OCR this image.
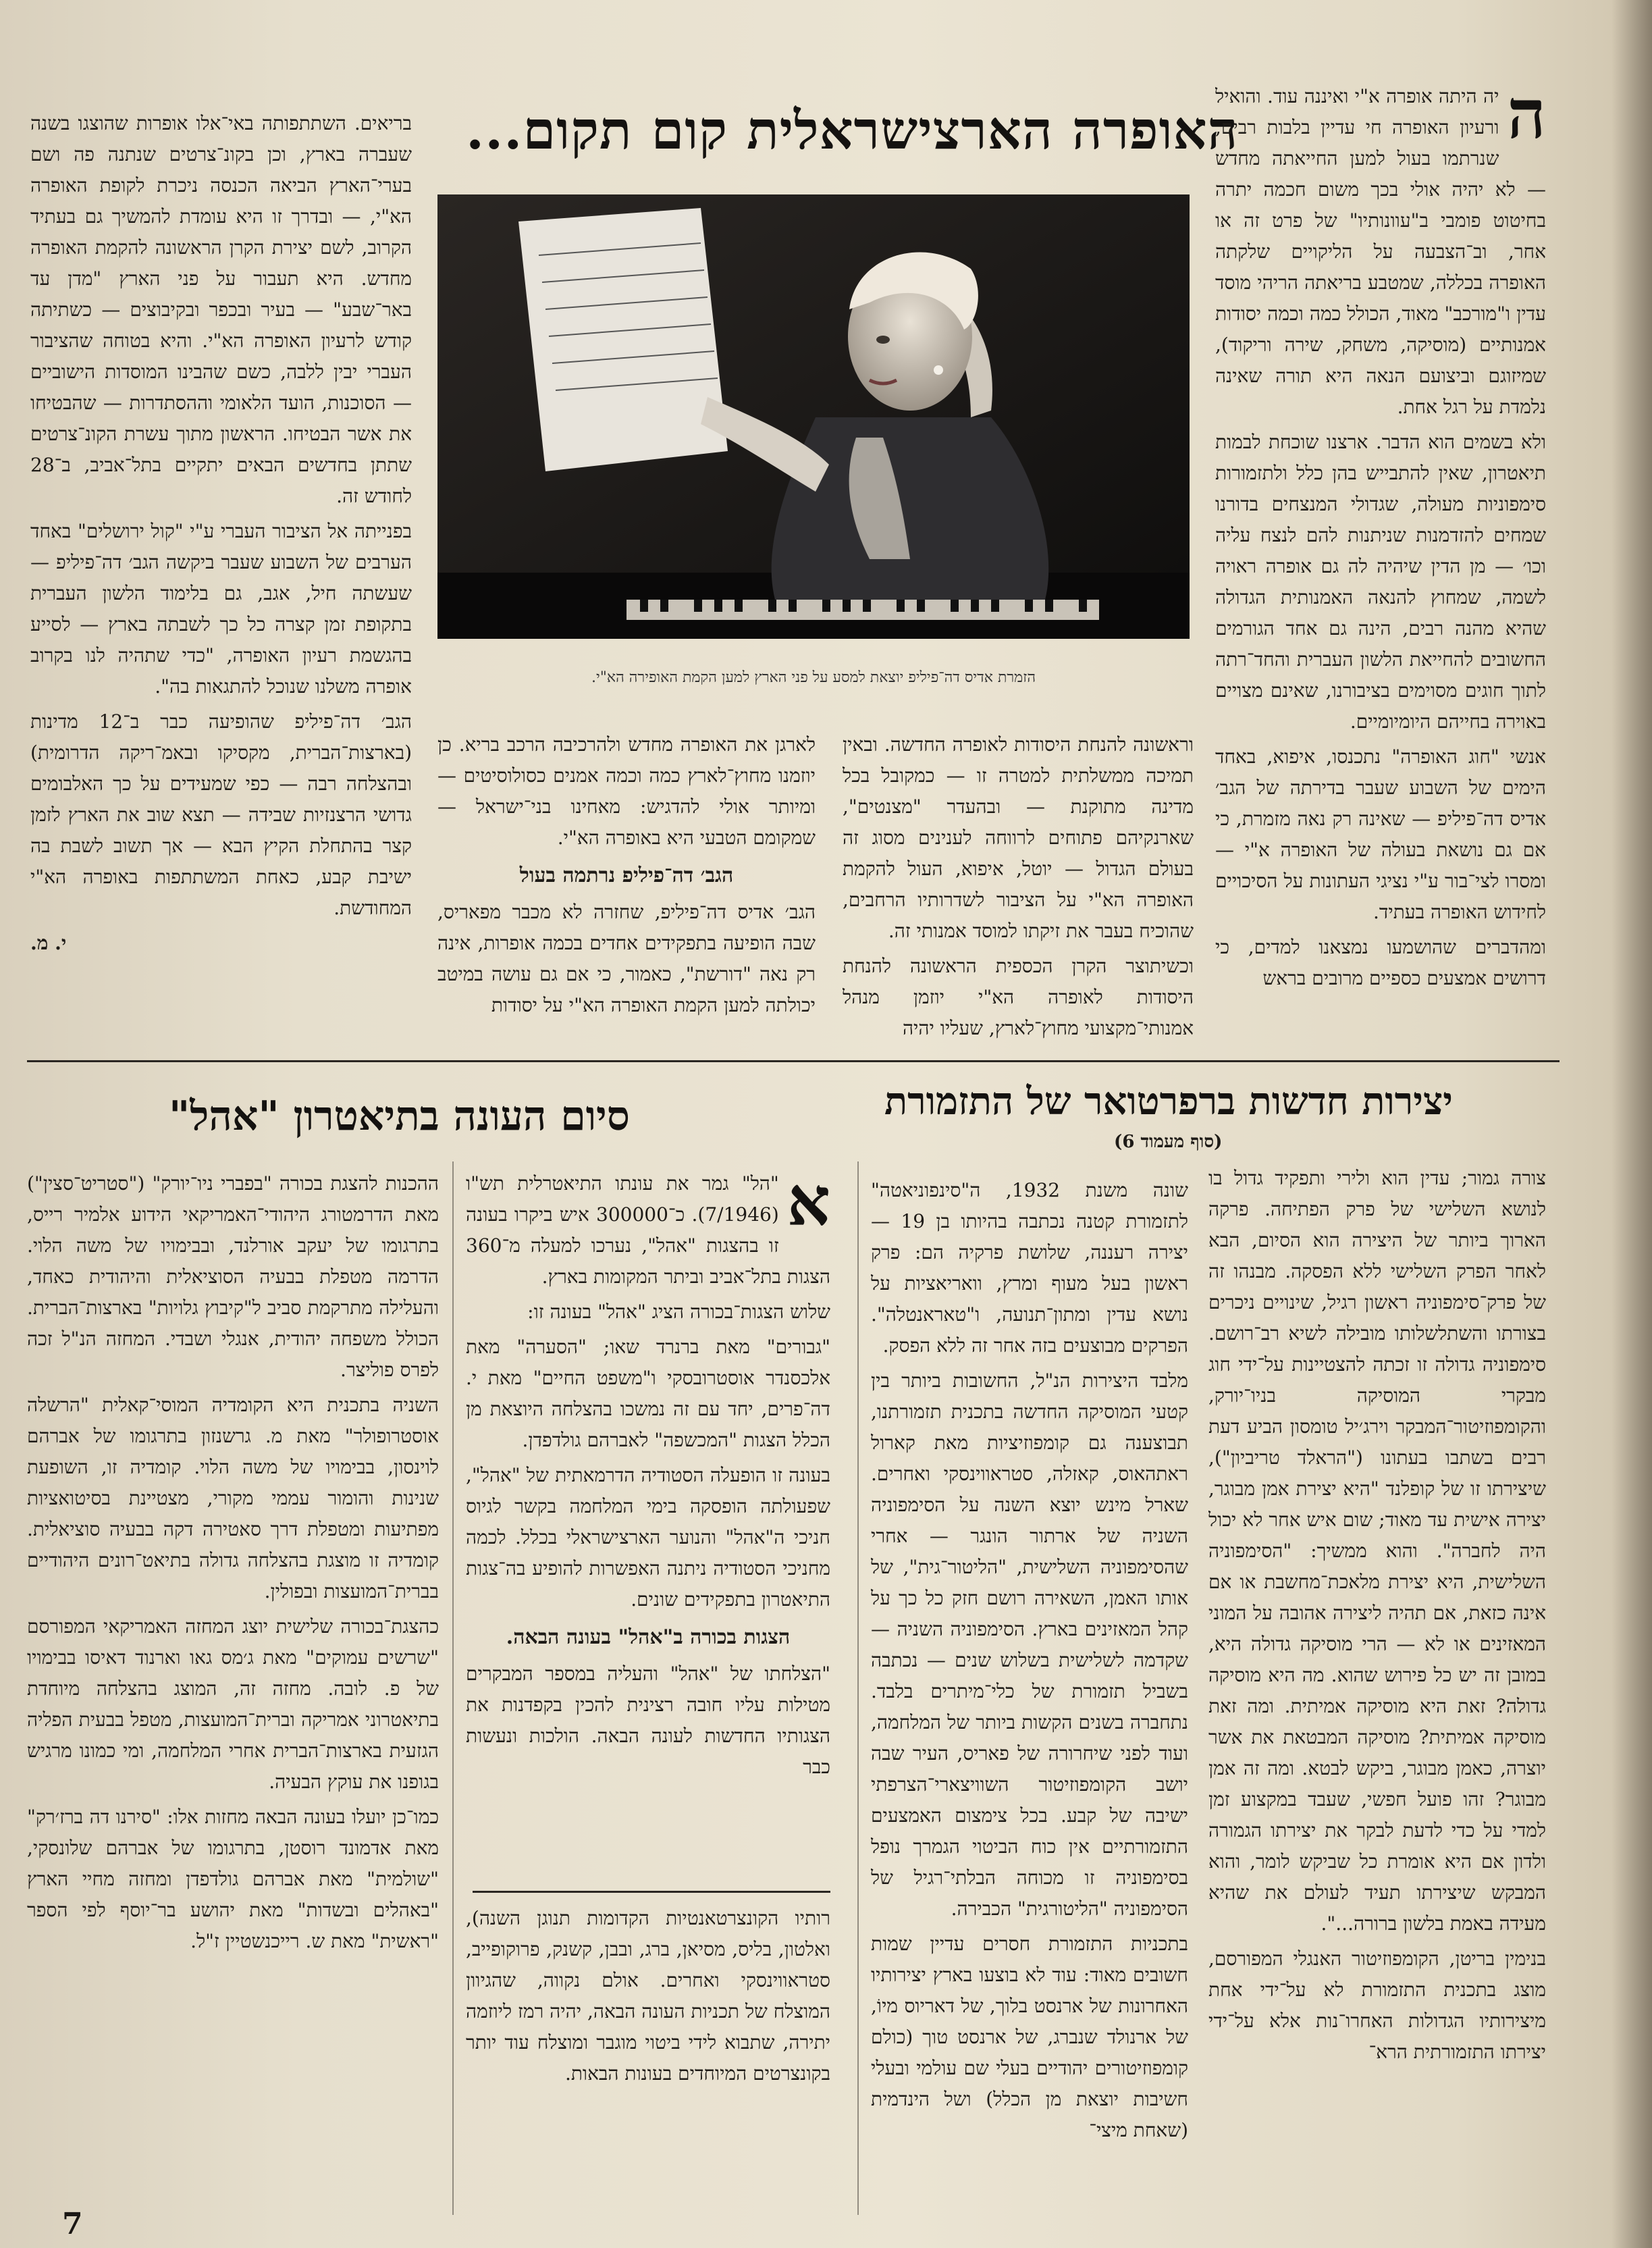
האופרה הארצישראלית קום תקום...	ה

יה היתה אופרה א"י ואיננה עוד. והואיל ורעיון האופרה חי עדיין בלבות רבים, שנרתמו בעול למען החייאתה מחדש — לא יהיה אולי בכך משום חכמה יתרה בחיטוט פומבי ב"עוונותיו" של פרט זה או אחר, וב־הצבעה על הליקויים שלקתה האופרה בכללה, שמטבע בריאתה הריהי מוסד עדין ו"מורכב" מאוד, הכולל כמה וכמה יסודות אמנותיים (מוסיקה, משחק, שירה וריקוד), שמיזוגם וביצועם הנאה היא תורה שאינה נלמדת על רגל אחת.

ולא בשמים הוא הדבר. ארצנו שוכחת לבמות תיאטרון, שאין להתבייש בהן כלל ולתזמורות סימפוניות מעולה, שגדולי המנצחים בדורנו שמחים להזדמנות שניתנות להם לנצח עליה וכו׳ — מן הדין שיהיה לה גם אופרה ראויה לשמה, שמחוץ להנאה האמנותית הגדולה שהיא מהנה רבים, הינה גם אחד הגורמים החשובים להחייאת הלשון העברית והחד־רתה לתוך חוגים מסוימים בציבורנו, שאינם מצויים באוירה בחייהם היומיומיים.

אנשי "חוג האופרה" נתכנסו, איפוא, באחד הימים של השבוע שעבר בדירתה של הגב׳ אדיס דה־פיליפ — שאינה רק נאה מזמרת, כי אם גם נושאת בעולה של האופרה א"י — ומסרו לצי־בור ע"י נציגי העתונות על הסיכויים לחידוש האופרה בעתיד.

ומהדברים שהושמעו נמצאנו למדים, כי דרושים אמצעים כספיים מרובים בראש

הזמרת אדיס דה־פיליפ יוצאת למסע על פני הארץ למען הקמת האופירה הא"י.

וראשונה להנחת היסודות לאופרה החדשה. ובאין תמיכה ממשלתית למטרה זו — כמקובל בכל מדינה מתוקנת — ובהעדר "מצנטים", שארנקיהם פתוחים לרווחה לענינים מסוג זה בעולם הגדול — יוטל, איפוא, העול להקמת האופרה הא"י על הציבור לשדרותיו הרחבים, שהוכיח בעבר את זיקתו למוסד אמנותי זה.

וכשיתוצר הקרן הכספית הראשונה להנחת היסודות לאופרה הא"י יוזמן מנהל אמנותי־מקצועי מחוץ־לארץ, שעליו יהיה

לארגן את האופרה מחדש ולהרכיבה הרכב בריא. כן יוזמנו מחוץ־לארץ כמה וכמה אמנים כסולוסיטים — ומיותר אולי להדגיש: מאחינו בני־ישראל — שמקומם הטבעי היא באופרה הא"י.

הגב׳ דה־פיליפ נרתמה בעול

הגב׳ אדיס דה־פיליפ, שחזרה לא מכבר מפאריס, שבה הופיעה בתפקידים אחדים בכמה אופרות, אינה רק נאה "דורשת", כאמור, כי אם גם עושה במיטב יכולתה למען הקמת האופרה הא"י על יסודות

בריאים. השתתפותה באי־אלו אופרות שהוצגו בשנה שעברה בארץ, וכן בקונ־צרטים שנתנה פה ושם בערי־הארץ הביאה הכנסה ניכרת לקופת האופרה הא"י, — ובדרך זו היא עומדת להמשיך גם בעתיד הקרוב, לשם יצירת הקרן הראשונה להקמת האופרה מחדש. היא תעבור על פני הארץ "מדן עד באר־שבע" — בעיר ובכפר ובקיבוצים — כשתיתה קודש לרעיון האופרה הא"י. והיא בטוחה שהציבור העברי יבין ללבה, כשם שהבינו המוסדות הישוביים — הסוכנות, הועד הלאומי וההסתדרות — שהבטיחו את אשר הבטיחו. הראשון מתוך עשרת הקונ־צרטים שתתן בחדשים הבאים יתקיים בתל־אביב, ב־28 לחודש זה.

בפנייתה אל הציבור העברי ע"י "קול ירושלים" באחד הערבים של השבוע שעבר ביקשה הגב׳ דה־פיליפ — שעשתה חיל, אגב, גם בלימוד הלשון העברית בתקופת זמן קצרה כל כך לשבתה בארץ — לסייע בהגשמת רעיון האופרה, "כדי שתהיה לנו בקרוב אופרה משלנו שנוכל להתגאות בה".

הגב׳ דה־פיליפ שהופיעה כבר ב־12 מדינות (בארצות־הברית, מקסיקו ובאמ־ריקה הדרומית) ובהצלחה רבה — כפי שמעידים על כך האלבומים גדושי הרצנזיות שבידה — תצא שוב את הארץ לזמן קצר בהתחלת הקיץ הבא — אך תשוב לשבת בה ישיבת קבע, כאחת המשתתפות באופרה הא"י המחודשת.

י. מ.
יצירות חדשות ברפרטואר של התזמורת
(סוף מעמוד 6)
סיום העונה בתיאטרון "אהל"

צורה גמור; עדין הוא ולירי ותפקיד גדול בו לנושא השלישי של פרק הפתיחה. פרקה הארוך ביותר של היצירה הוא הסיום, הבא לאחר הפרק השלישי ללא הפסקה. מבנהו זה של פרק־סימפוניה ראשון רגיל, שינויים ניכרים בצורתו והשתלשלותו מובילה לשיא רב־רושם. סימפוניה גדולה זו זכתה להצטיינות על־ידי חוג מבקרי המוסיקה בניו־יורק, והקומפוזיטור־המבקר וירג׳יל טומסון הביע דעת רבים בשתבו בעתונו ("הראלד טריביון"), שיצירתו זו של קופלנד "היא יצירת אמן מבוגר, יצירה אישית עד מאוד; שום איש אחר לא יכול היה לחברה". והוא ממשיך: "הסימפוניה השלישית, היא יצירת מלאכת־מחשבת או אם אינה כזאת, אם תהיה ליצירה אהובה על המוני המאזינים או לא — הרי מוסיקה גדולה היא, במובן זה יש כל פירוש שהוא. מה היא מוסיקה גדולה? זאת היא מוסיקה אמיתית. ומה זאת מוסיקה אמיתית? מוסיקה המבטאת את אשר יוצרה, כאמן מבוגר, ביקש לבטא. ומה זה אמן מבוגר? זהו פועל חפשי, שעבד במקצוע זמן למדי על כדי לדעת לבקר את יצירתו הגמורה ולדון אם היא אומרת כל שביקש לומר, והוא המבקש שיצירתו תעיד לעולם את שהיא מעידה באמת בלשון ברורה...".

בנימין בריטן, הקומפוזיטור האנגלי המפורסם, מוצג בתכנית התזמורת לא על־ידי אחת מיצירותיו הגדולות האחרו־נות אלא על־ידי יצירתו התזמורתית הרא־

שונה משנת 1932, ה"סינפוניאטה" לתזמורת קטנה נכתבה בהיותו בן 19 — יצירה רעננה, שלושת פרקיה הם: פרק ראשון בעל מעוף ומרץ, וואריאציות על נושא עדין ומתון־תנועה, ו"טאראנטלה". הפרקים מבוצעים בזה אחר זה ללא הפסק.

מלבד היצירות הנ"ל, החשובות ביותר בין קטעי המוסיקה החדשה בתכנית תזמורתנו, תבוצענה גם קומפוזיציות מאת קארול ראתהאוס, קאזלה, סטראווינסקי ואחרים. שארל מינש יוצא השנה על הסימפוניה השניה של ארתור הונגר — אחרי שהסימפוניה השלישית, "הליטור־גית", של אותו האמן, השאירה רושם חזק כל כך על קהל המאזינים בארץ. הסימפוניה השניה — שקדמה לשלישית בשלוש שנים — נכתבה בשביל תזמורת של כלי־מיתרים בלבד. נתחברה בשנים הקשות ביותר של המלחמה, ועוד לפני שיחרורה של פאריס, העיר שבה יושב הקומפוזיטור השוויצארי־הצרפתי ישיבה של קבע. בכל צימצום האמצעים התזמורתיים אין כוח הביטוי הגמרך נופל בסימפוניה זו מכוחה הבלתי־רגיל של הסימפוניה "הליטורגית" הכבירה.

בתכניות התזמורת חסרים עדיין שמות חשובים מאוד: עוד לא בוצעו בארץ יצירותיו האחרונות של ארנסט בלוך, של דאריוס מיוֹ, של ארנולד שנברג, של ארנסט טוך (כולם קומפוזיטורים יהודיים בעלי שם עולמי ובעלי חשיבות יוצאת מן הכלל) ושל הינדמית (שאחת מיצי־

א

"הל" גמר את עונתו התיאטרלית תש"ו (7/1946). כ־300000 איש ביקרו בעונה זו בהצגות "אהל", נערכו למעלה מ־360 הצגות בתל־אביב וביתר המקומות בארץ.

שלוש הצגות־בכורה הציג "אהל" בעונה זו:

"גבורים" מאת ברנרד שאו; "הסערה" מאת אלכסנדר אוסטרובסקי ו"משפט החיים" מאת י. דה־פרים, יחד עם זה נמשכו בהצלחה היוצאת מן הכלל הצגות "המכשפה" לאברהם גולדפדן.

בעונה זו הופעלה הסטודיה הדרמאתית של "אהל", שפעולתה הופסקה בימי המלחמה בקשר לגיוס חניכי ה"אהל" והנוער הארצישראלי בכלל. לכמה מחניכי הסטודיה ניתנה האפשרות להופיע בה־צגות התיאטרון בתפקידים שונים.

הצגות בכורה ב"אהל" בעונה הבאה.

"הצלחתו של "אהל" והעליה במספר המבקרים מטילות עליו חובה רצינית להכין בקפדנות את הצגותיו החדשות לעונה הבאה. הולכות ונעשות כבר

רותיו הקונצרטאנטיות הקדומות תנוגן השנה), ואלטון, בליס, מסיאן, ברג, ובבן, קשנק, פרוקופייב, סטראווינסקי ואחרים. אולם נקווה, שהגיוון המוצלח של תכניות העונה הבאה, יהיה רמז ליוזמה יתירה, שתבוא לידי ביטוי מוגבר ומוצלח עוד יותר בקונצרטים המיוחדים בעונות הבאות.

ההכנות להצגת בכורה "בפברי ניו־יורק" ("סטריט־סצין") מאת הדרמטורג היהודי־האמריקאי הידוע אלמיר רייס, בתרגומו של יעקב אורלנד, ובבימויו של משה הלוי. הדרמה מטפלת בבעיה הסוציאלית והיהודית כאחד, והעלילה מתרקמת סביב ל"קיבוץ גלויות" בארצות־הברית. הכולל משפחה יהודית, אנגלי ושבדי. המחזה הנ"ל זכה לפרס פוליצר.

השניה בתכנית היא הקומדיה המוסי־קאלית "הרשלה אוסטרופולר" מאת מ. גרשנזון בתרגומו של אברהם לוינסון, בבימויו של משה הלוי. קומדיה זו, השופעת שנינות והומור עממי מקורי, מצטיינת בסיטואציות מפתיעות ומטפלת דרך סאטירה דקה בבעיה סוציאלית. קומדיה זו מוצגת בהצלחה גדולה בתיאט־רונים היהודיים בברית־המועצות ובפולין.

כהצגת־בכורה שלישית יוצג המחזה האמריקאי המפורסם "שרשים עמוקים" מאת ג׳מס גאו וארנוד דאיסו בבימויו של פ. לובה. מחזה זה, המוצג בהצלחה מיוחדת בתיאטרוני אמריקה וברית־המועצות, מטפל בבעית הפליה הגזעית בארצות־הברית אחרי המלחמה, ומי כמונו מרגיש בגופנו את עוקץ הבעיה.

כמו־כן יועלו בעונה הבאה מחזות אלו: "סירנו דה ברז׳רק" מאת אדמונד רוסטן, בתרגומו של אברהם שלונסקי, "שולמית" מאת אברהם גולדפדן ומחזה מחיי הארץ "באהלים ובשדות" מאת יהושע בר־יוסף לפי הספר "ראשית" מאת ש. רייכנשטיין ז"ל.

7
